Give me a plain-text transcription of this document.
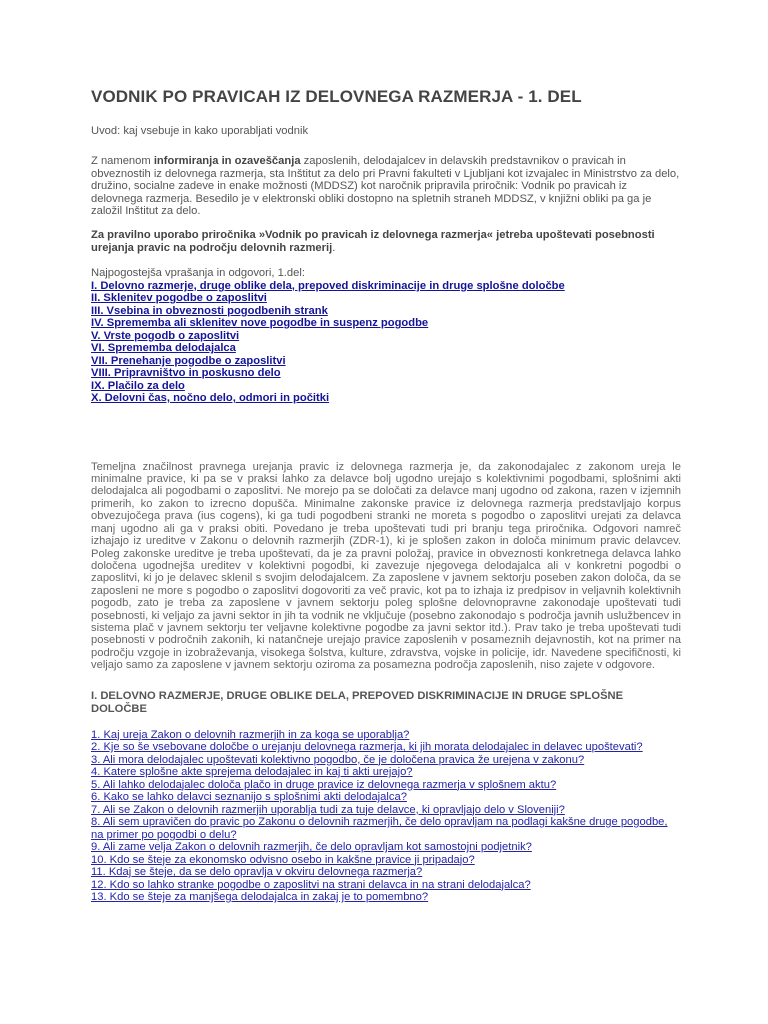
VODNIK PO PRAVICAH IZ DELOVNEGA RAZMERJA - 1. DEL

Uvod: kaj vsebuje in kako uporabljati vodnik

Z namenom informiranja in ozaveščanja zaposlenih, delodajalcev in delavskih predstavnikov o pravicah in obveznostih iz delovnega razmerja, sta Inštitut za delo pri Pravni fakulteti v Ljubljani kot izvajalec in Ministrstvo za delo, družino, socialne zadeve in enake možnosti (MDDSZ) kot naročnik pripravila priročnik: Vodnik po pravicah iz delovnega razmerja. Besedilo je v elektronski obliki dostopno na spletnih straneh MDDSZ, v knjižni obliki pa ga je založil Inštitut za delo.

Za pravilno uporabo priročnika »Vodnik po pravicah iz delovnega razmerja« jetreba upoštevati posebnosti urejanja pravic na področju delovnih razmerij.

Najpogostejša vprašanja in odgovori, 1.del:

I. Delovno razmerje, druge oblike dela, prepoved diskriminacije in druge splošne določbe
II. Sklenitev pogodbe o zaposlitvi
III. Vsebina in obveznosti pogodbenih strank
IV. Sprememba ali sklenitev nove pogodbe in suspenz pogodbe
V. Vrste pogodb o zaposlitvi
VI. Sprememba delodajalca
VII. Prenehanje pogodbe o zaposlitvi
VIII. Pripravništvo in poskusno delo
IX. Plačilo za delo
X. Delovni čas, nočno delo, odmori in počitki

Temeljna značilnost pravnega urejanja pravic iz delovnega razmerja je, da zakonodajalec z zakonom ureja le minimalne pravice, ki pa se v praksi lahko za delavce bolj ugodno urejajo s kolektivnimi pogodbami, splošnimi akti delodajalca ali pogodbami o zaposlitvi. Ne morejo pa se določati za delavce manj ugodno od zakona, razen v izjemnih primerih, ko zakon to izrecno dopušča. Minimalne zakonske pravice iz delovnega razmerja predstavljajo korpus obvezujočega prava (ius cogens), ki ga tudi pogodbeni stranki ne moreta s pogodbo o zaposlitvi urejati za delavca manj ugodno ali ga v praksi obiti. Povedano je treba upoštevati tudi pri branju tega priročnika. Odgovori namreč izhajajo iz ureditve v Zakonu o delovnih razmerjih (ZDR-1), ki je splošen zakon in določa minimum pravic delavcev. Poleg zakonske ureditve je treba upoštevati, da je za pravni položaj, pravice in obveznosti konkretnega delavca lahko določena ugodnejša ureditev v kolektivni pogodbi, ki zavezuje njegovega delodajalca ali v konkretni pogodbi o zaposlitvi, ki jo je delavec sklenil s svojim delodajalcem. Za zaposlene v javnem sektorju poseben zakon določa, da se zaposleni ne more s pogodbo o zaposlitvi dogovoriti za več pravic, kot pa to izhaja iz predpisov in veljavnih kolektivnih pogodb, zato je treba za zaposlene v javnem sektorju poleg splošne delovnopravne zakonodaje upoštevati tudi posebnosti, ki veljajo za javni sektor in jih ta vodnik ne vključuje (posebno zakonodajo s področja javnih uslužbencev in sistema plač v javnem sektorju ter veljavne kolektivne pogodbe za javni sektor itd.). Prav tako je treba upoštevati tudi posebnosti v področnih zakonih, ki natančneje urejajo pravice zaposlenih v posameznih dejavnostih, kot na primer na področju vzgoje in izobraževanja, visokega šolstva, kulture, zdravstva, vojske in policije, idr. Navedene specifičnosti, ki veljajo samo za zaposlene v javnem sektorju oziroma za posamezna področja zaposlenih, niso zajete v odgovore.

I. DELOVNO RAZMERJE, DRUGE OBLIKE DELA, PREPOVED DISKRIMINACIJE IN DRUGE SPLOŠNE DOLOČBE

1. Kaj ureja Zakon o delovnih razmerjih in za koga se uporablja?
2. Kje so še vsebovane določbe o urejanju delovnega razmerja, ki jih morata delodajalec in delavec upoštevati?
3. Ali mora delodajalec upoštevati kolektivno pogodbo, če je določena pravica že urejena v zakonu?
4. Katere splošne akte sprejema delodajalec in kaj ti akti urejajo?
5. Ali lahko delodajalec določa plačo in druge pravice iz delovnega razmerja v splošnem aktu?
6. Kako se lahko delavci seznanijo s splošnimi akti delodajalca?
7. Ali se Zakon o delovnih razmerjih uporablja tudi za tuje delavce, ki opravljajo delo v Sloveniji?
8. Ali sem upravičen do pravic po Zakonu o delovnih razmerjih, če delo opravljam na podlagi kakšne druge pogodbe, na primer po pogodbi o delu?
9. Ali zame velja Zakon o delovnih razmerjih, če delo opravljam kot samostojni podjetnik?
10. Kdo se šteje za ekonomsko odvisno osebo in kakšne pravice ji pripadajo?
11. Kdaj se šteje, da se delo opravlja v okviru delovnega razmerja?
12. Kdo so lahko stranke pogodbe o zaposlitvi na strani delavca in na strani delodajalca?
13. Kdo se šteje za manjšega delodajalca in zakaj je to pomembno?
